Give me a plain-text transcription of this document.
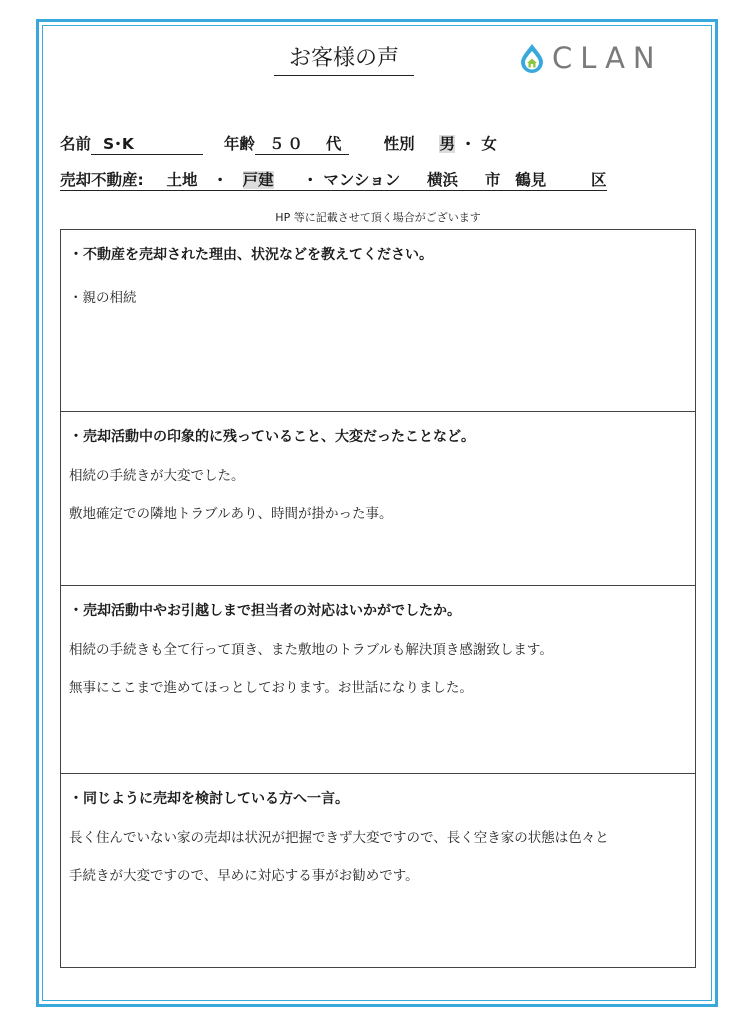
お客様の声	CLAN
名前 S･K	年齢 ５０ 代	性別 男 ・ 女
売却不動産: 土地 ・ 戸建 ・ マンション 横浜 市 鶴見	区
HP 等に記載させて頂く場合がございます
・不動産を売却された理由、状況などを教えてください。
・親の相続
・売却活動中の印象的に残っていること、大変だったことなど。
相続の手続きが大変でした。
敷地確定での隣地トラブルあり、時間が掛かった事。
・売却活動中やお引越しまで担当者の対応はいかがでしたか。
相続の手続きも全て行って頂き、また敷地のトラブルも解決頂き感謝致します。
無事にここまで進めてほっとしております。お世話になりました。
・同じように売却を検討している方へ一言。
長く住んでいない家の売却は状況が把握できず大変ですので、長く空き家の状態は色々と
手続きが大変ですので、早めに対応する事がお勧めです。
